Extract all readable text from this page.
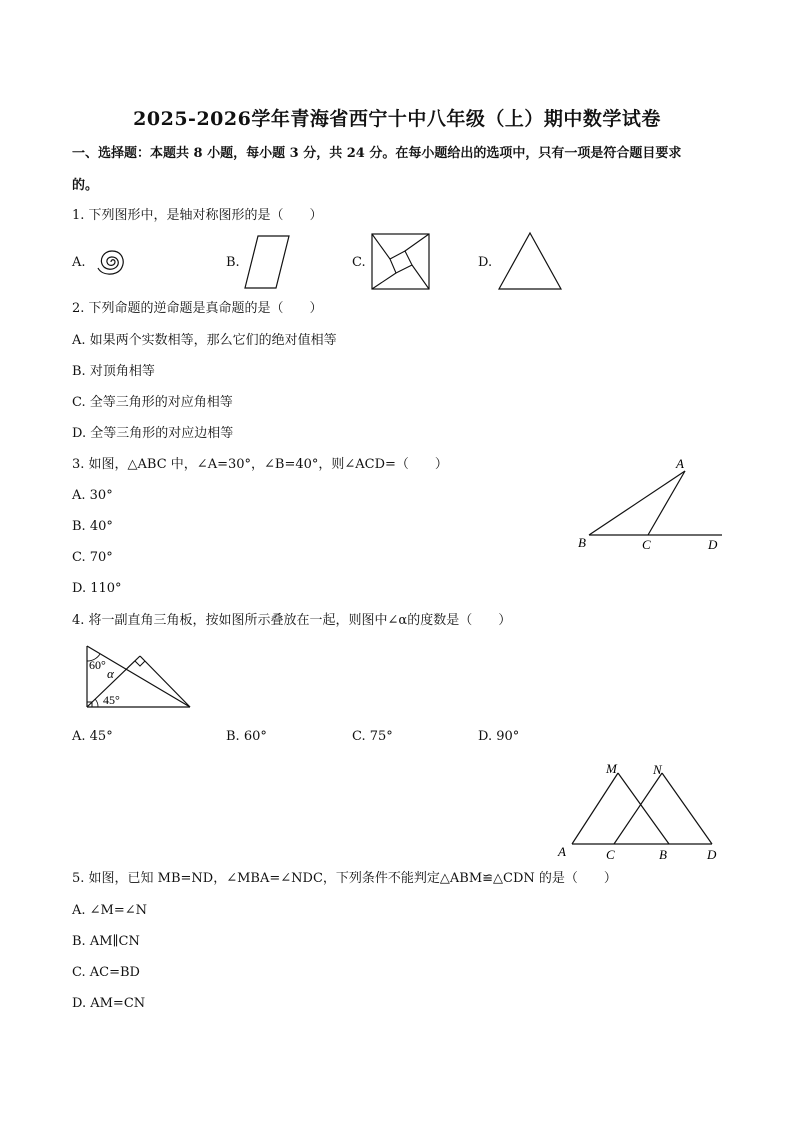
2025-2026学年青海省西宁十中八年级（上）期中数学试卷
一、选择题：本题共 8 小题，每小题 3 分，共 24 分。在每小题给出的选项中，只有一项是符合题目要求
的。
1. 下列图形中，是轴对称图形的是（　　）
A.	B.	C.	D.
2. 下列命题的逆命题是真命题的是（　　）
A. 如果两个实数相等，那么它们的绝对值相等
B. 对顶角相等
C. 全等三角形的对应角相等
D. 全等三角形的对应边相等
3. 如图，△ABC 中，∠A=30°，∠B=40°，则∠ACD=（　　）
A. 30°
B. 40°
C. 70°
D. 110°
A
B	C	D
4. 将一副直角三角板，按如图所示叠放在一起，则图中∠α的度数是（　　）
60°
α
45°
A. 45°	B. 60°	C. 75°	D. 90°
M	N
A	C	B	D
5. 如图，已知 MB=ND，∠MBA=∠NDC，下列条件不能判定△ABM≌△CDN 的是（　　）
A. ∠M=∠N
B. AM∥CN
C. AC=BD
D. AM=CN
